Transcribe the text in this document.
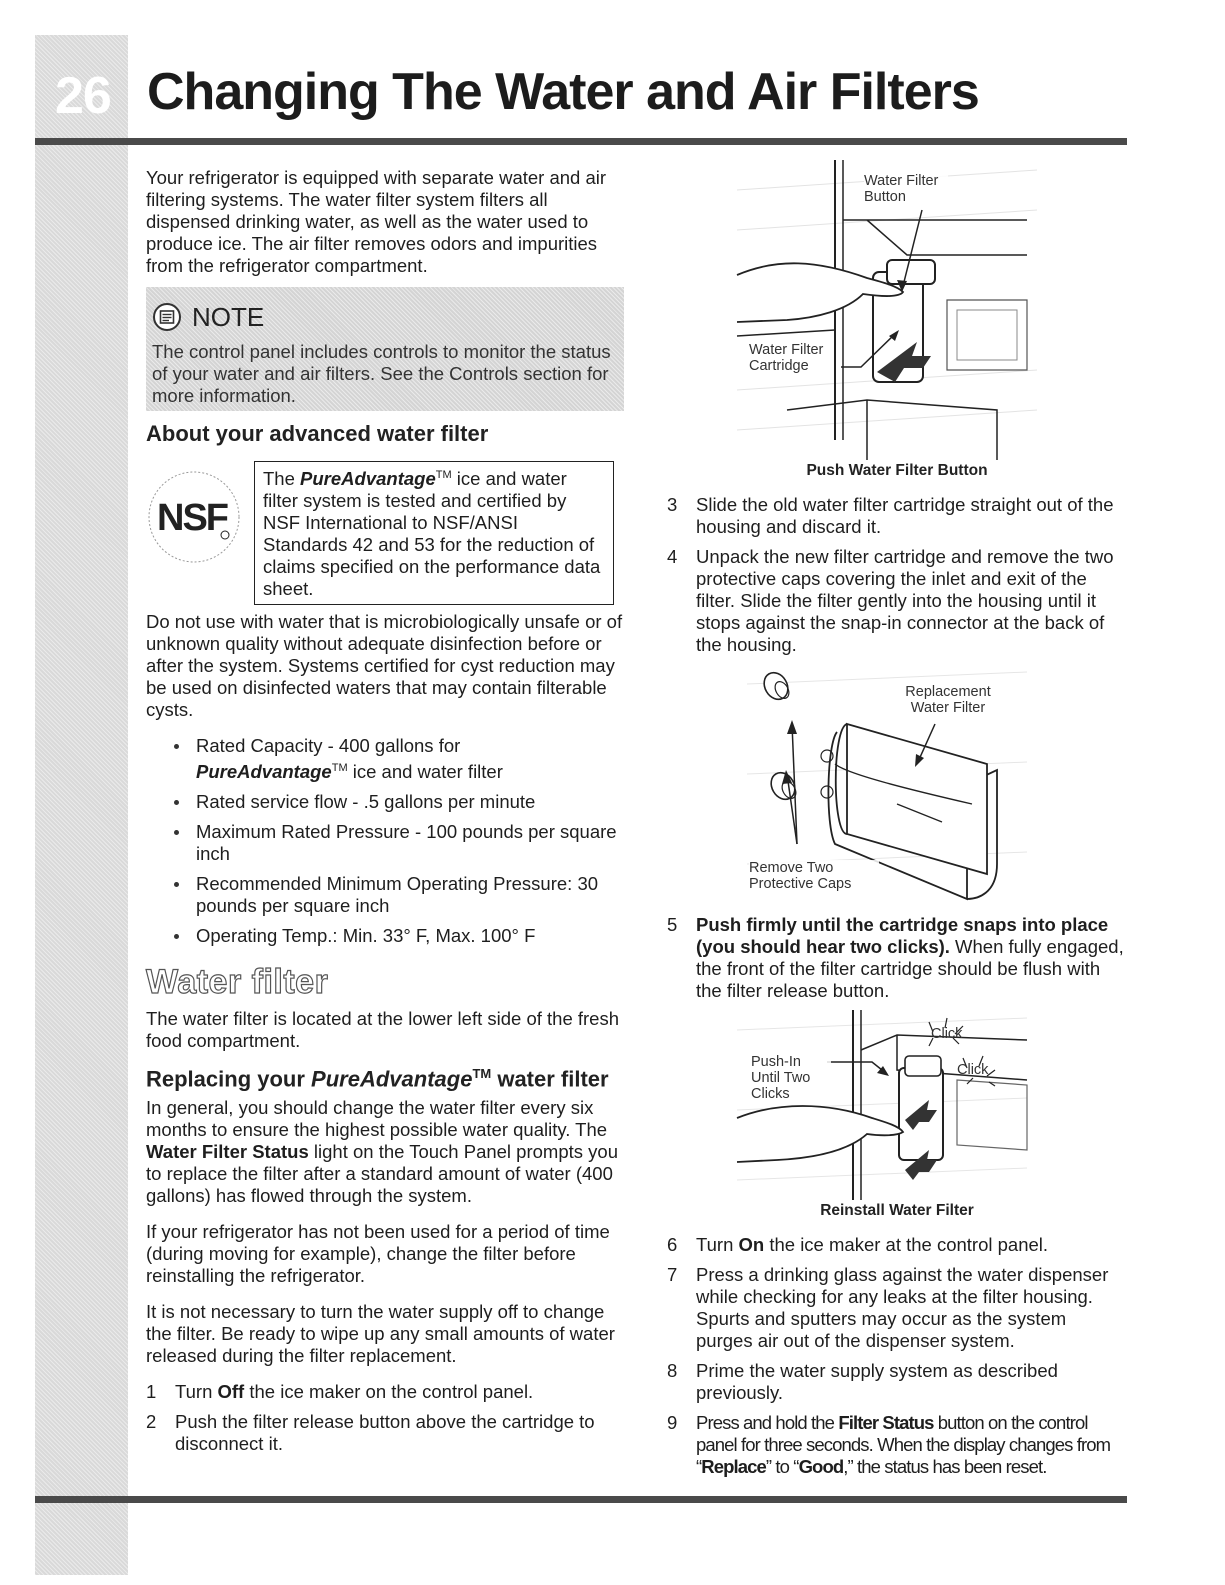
26 Changing The Water and Air Filters

Your refrigerator is equipped with separate water and air filtering systems. The water filter system filters all dispensed drinking water, as well as the water used to produce ice. The air filter removes odors and impurities from the refrigerator compartment.

NOTE
The control panel includes controls to monitor the status of your water and air filters. See the Controls section for more information.
About your advanced water filter
NSF
The PureAdvantage™ ice and water filter system is tested and certified by NSF International to NSF/ANSI Standards 42 and 53 for the reduction of claims specified on the performance data sheet.

Do not use with water that is microbiologically unsafe or of unknown quality without adequate disinfection before or after the system. Systems certified for cyst reduction may be used on disinfected waters that may contain filterable cysts.

Rated Capacity - 400 gallons for
PureAdvantage™ ice and water filter
Rated service flow - .5 gallons per minute
Maximum Rated Pressure - 100 pounds per square inch
Recommended Minimum Operating Pressure: 30 pounds per square inch
Operating Temp.: Min. 33° F, Max. 100° F
Water filter

The water filter is located at the lower left side of the fresh food compartment.

Replacing your PureAdvantage™ water filter

In general, you should change the water filter every six months to ensure the highest possible water quality. The Water Filter Status light on the Touch Panel prompts you to replace the filter after a standard amount of water (400 gallons) has flowed through the system.

If your refrigerator has not been used for a period of time (during moving for example), change the filter before reinstalling the refrigerator.

It is not necessary to turn the water supply off to change the filter. Be ready to wipe up any small amounts of water released during the filter replacement.

1 Turn Off the ice maker on the control panel.
2 Push the filter release button above the cartridge to disconnect it.
Water Filter Button
Water Filter Cartridge
Push Water Filter Button
3 Slide the old water filter cartridge straight out of the housing and discard it.
4 Unpack the new filter cartridge and remove the two protective caps covering the inlet and exit of the filter. Slide the filter gently into the housing until it stops against the snap-in connector at the back of the housing.
Replacement Water Filter
Remove Two Protective Caps
5 Push firmly until the cartridge snaps into place (you should hear two clicks). When fully engaged, the front of the filter cartridge should be flush with the filter release button.
Push-In Until Two Clicks
Click
Click
Reinstall Water Filter
6 Turn On the ice maker at the control panel.
7 Press a drinking glass against the water dispenser while checking for any leaks at the filter housing. Spurts and sputters may occur as the system purges air out of the dispenser system.
8 Prime the water supply system as described previously.
9 Press and hold the Filter Status button on the control panel for three seconds. When the display changes from “Replace” to “Good,” the status has been reset.
